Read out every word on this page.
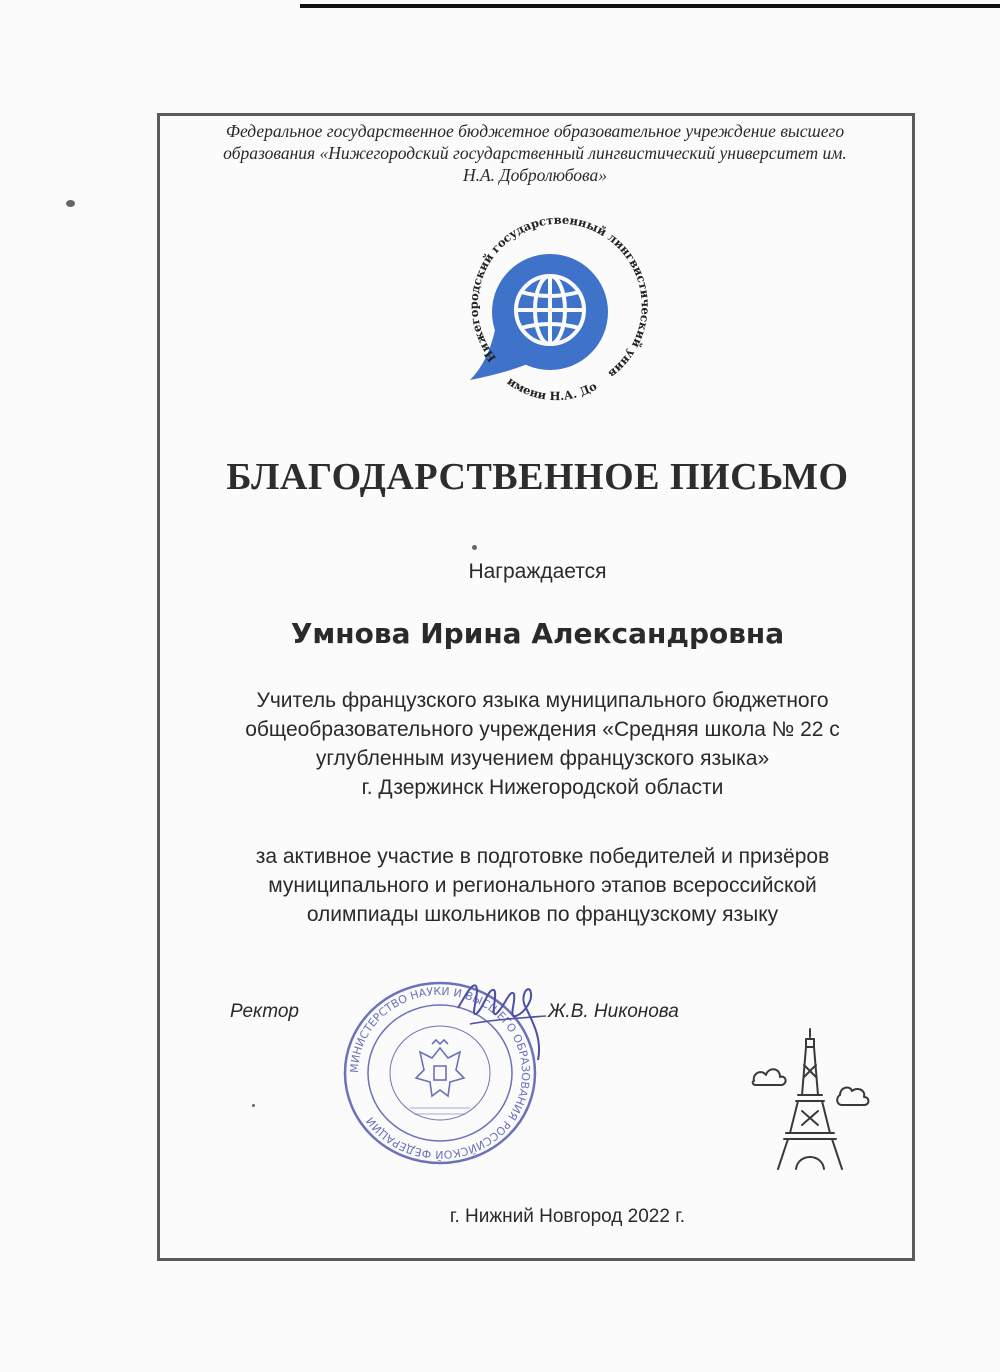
Федеральное государственное бюджетное образовательное учреждение высшего
образования «Нижегородский государственный лингвистический университет им.
Н.А. Добролюбова»

Нижегородский государственный лингвистический унив
имени Н.А. До
БЛАГОДАРСТВЕННОЕ ПИСЬМО

Награждается

Умнова Ирина Александровна

Учитель французского языка муниципального бюджетного
общеобразовательного учреждения «Средняя школа № 22 с
углубленным изучением французского языка»
г. Дзержинск Нижегородской области

за активное участие в подготовке победителей и призёров
муниципального и регионального этапов всероссийской
олимпиады школьников по французскому языку

МИНИСТЕРСТВО НАУКИ И ВЫСШЕГО ОБРАЗОВАНИЯ РОССИЙСКОЙ ФЕДЕРАЦИИ
Ректор	Ж.В. Никонова

г. Нижний Новгород 2022 г.
